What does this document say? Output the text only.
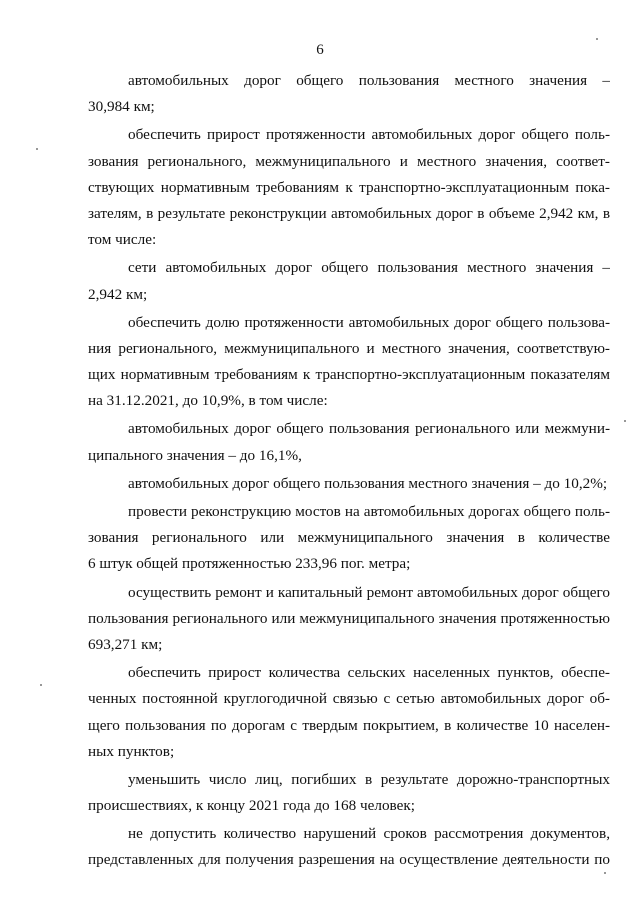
6
автомобильных дорог общего пользования местного значения –
30,984 км;
обеспечить прирост протяженности автомобильных дорог общего поль-
зования регионального, межмуниципального и местного значения, соответ-
ствующих нормативным требованиям к транспортно-эксплуатационным пока-
зателям, в результате реконструкции автомобильных дорог в объеме 2,942 км, в
том числе:
сети автомобильных дорог общего пользования местного значения –
2,942 км;
обеспечить долю протяженности автомобильных дорог общего пользова-
ния регионального, межмуниципального и местного значения, соответствую-
щих нормативным требованиям к транспортно-эксплуатационным показателям
на 31.12.2021, до 10,9%, в том числе:
автомобильных дорог общего пользования регионального или межмуни-
ципального значения – до 16,1%,
автомобильных дорог общего пользования местного значения – до 10,2%;
провести реконструкцию мостов на автомобильных дорогах общего поль-
зования регионального или межмуниципального значения в количестве
6 штук общей протяженностью 233,96 пог. метра;
осуществить ремонт и капитальный ремонт автомобильных дорог общего
пользования регионального или межмуниципального значения протяженностью
693,271 км;
обеспечить прирост количества сельских населенных пунктов, обеспе-
ченных постоянной круглогодичной связью с сетью автомобильных дорог об-
щего пользования по дорогам с твердым покрытием, в количестве 10 населен-
ных пунктов;
уменьшить число лиц, погибших в результате дорожно-транспортных
происшествиях, к концу 2021 года до 168 человек;
не допустить количество нарушений сроков рассмотрения документов,
представленных для получения разрешения на осуществление деятельности по
